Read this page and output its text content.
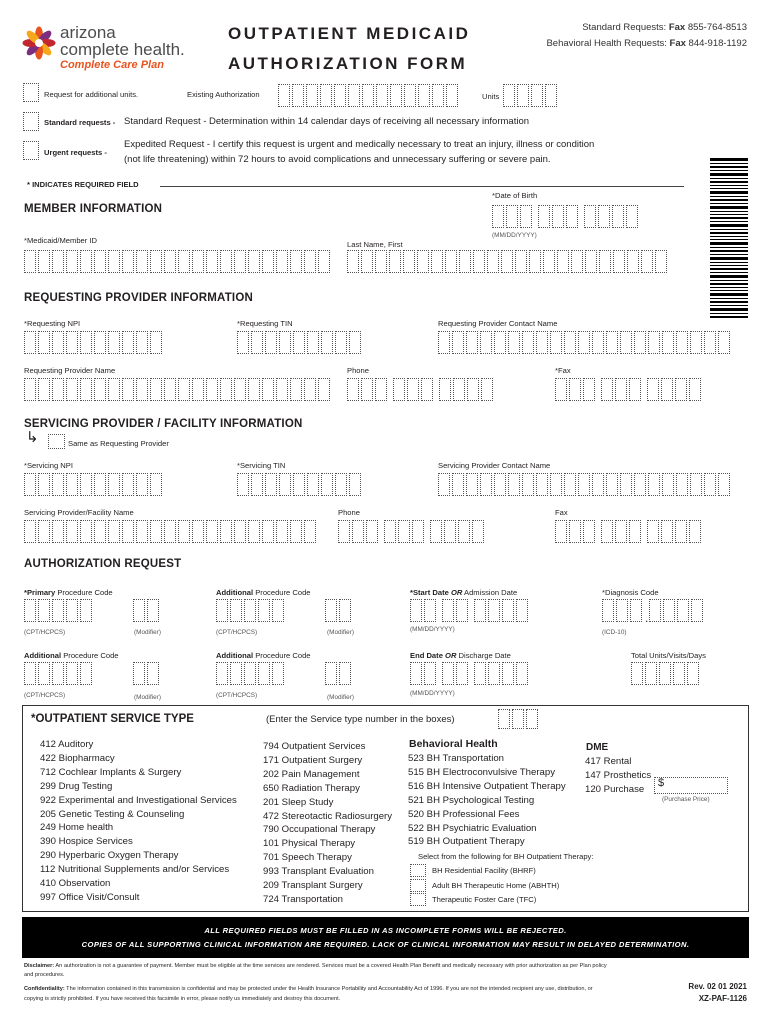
arizona
complete health.
Complete Care Plan
OUTPATIENT MEDICAID
AUTHORIZATION FORM
Standard Requests: Fax 855-764-8513
Behavioral Health Requests: Fax 844-918-1192
Request for additional units.	Existing Authorization	Units
Standard requests - Standard Request - Determination within 14 calendar days of receiving all necessary information
Urgent requests -
Expedited Request - I certify this request is urgent and medically necessary to treat an injury, illness or condition
(not life threatening) within 72 hours to avoid complications and unnecessary suffering or severe pain.
* INDICATES REQUIRED FIELD
*Date of Birth
MEMBER INFORMATION
(MM/DD/YYYY)
*Medicaid/Member ID	Last Name, First
REQUESTING PROVIDER INFORMATION
*Requesting NPI	*Requesting TIN	Requesting Provider Contact Name
Requesting Provider Name	Phone	*Fax
SERVICING PROVIDER / FACILITY INFORMATION
↳	Same as Requesting Provider
*Servicing NPI	*Servicing TIN	Servicing Provider Contact Name
Servicing Provider/Facility Name	Phone	Fax
AUTHORIZATION REQUEST
*Primary Procedure Code	Additional Procedure Code	*Start Date OR Admission Date	*Diagnosis Code
.
(CPT/HCPCS)	(Modifier)	(CPT/HCPCS)	(Modifier)	(MM/DD/YYYY)	(ICD-10)
Additional Procedure Code	Additional Procedure Code	End Date OR Discharge Date	Total Units/Visits/Days
(CPT/HCPCS)	(Modifier)	(CPT/HCPCS)	(Modifier)
(MM/DD/YYYY)
*OUTPATIENT SERVICE TYPE	(Enter the Service type number in the boxes)
412 Auditory
422 Biopharmacy
712 Cochlear Implants & Surgery
299 Drug Testing
922 Experimental and Investigational Services
205 Genetic Testing & Counseling
249 Home health
390 Hospice Services
290 Hyperbaric Oxygen Therapy
112 Nutritional Supplements and/or Services
410 Observation
997 Office Visit/Consult
794 Outpatient Services
171 Outpatient Surgery
202 Pain Management
650 Radiation Therapy
201 Sleep Study
472 Stereotactic Radiosurgery
790 Occupational Therapy
101 Physical Therapy
701 Speech Therapy
993 Transplant Evaluation
209 Transplant Surgery
724 Transportation
Behavioral Health
523 BH Transportation
515 BH Electroconvulsive Therapy
516 BH Intensive Outpatient Therapy
521 BH Psychological Testing
520 BH Professional Fees
522 BH Psychiatric Evaluation
519 BH Outpatient Therapy
Select from the following for BH Outpatient Therapy:
BH Residential Facility (BHRF)
Adult BH Therapeutic Home (ABHTH)
Therapeutic Foster Care (TFC)
DME
417 Rental
147 Prosthetics
120 Purchase
$
(Purchase Price)
ALL REQUIRED FIELDS MUST BE FILLED IN AS INCOMPLETE FORMS WILL BE REJECTED.
COPIES OF ALL SUPPORTING CLINICAL INFORMATION ARE REQUIRED. LACK OF CLINICAL INFORMATION MAY RESULT IN DELAYED DETERMINATION.
Disclaimer: An authorization is not a guarantee of payment. Member must be eligible at the time services are rendered. Services must be a covered Health Plan Benefit and medically necessary with prior authorization as per Plan policy and procedures.
Confidentiality: The information contained in this transmission is confidential and may be protected under the Health Insurance Portability and Accountability Act of 1996. If you are not the intended recipient any use, distribution, or copying is strictly prohibited. If you have received this facsimile in error, please notify us immediately and destroy this document.
Rev. 02 01 2021
XZ-PAF-1126
